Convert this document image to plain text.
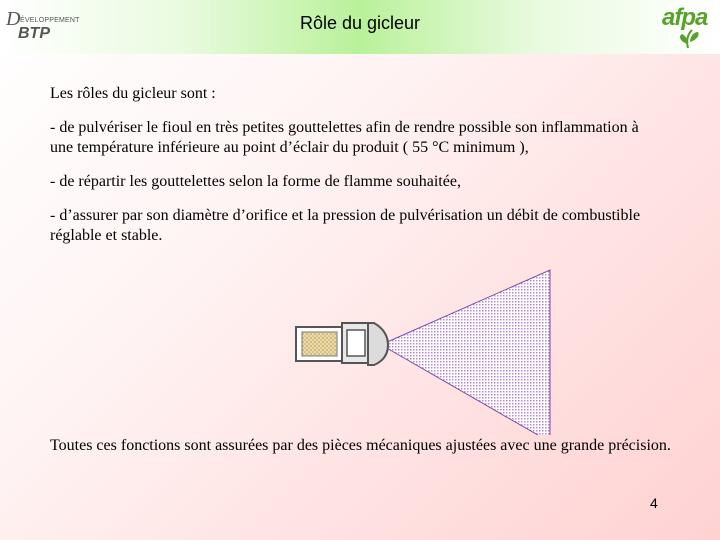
D ÉVELOPPEMENT
BTP
Rôle du gicleur	afpa

Les rôles du gicleur sont :

- de pulvériser le fioul en très petites gouttelettes afin de rendre possible son inflammation à une température inférieure au point d’éclair du produit ( 55 °C minimum ),

- de répartir les gouttelettes selon la forme de flamme souhaitée,

- d’assurer par son diamètre d’orifice et la pression de pulvérisation un débit de combustible réglable et stable.

Toutes ces fonctions sont assurées par des pièces mécaniques ajustées avec une grande précision.
4
